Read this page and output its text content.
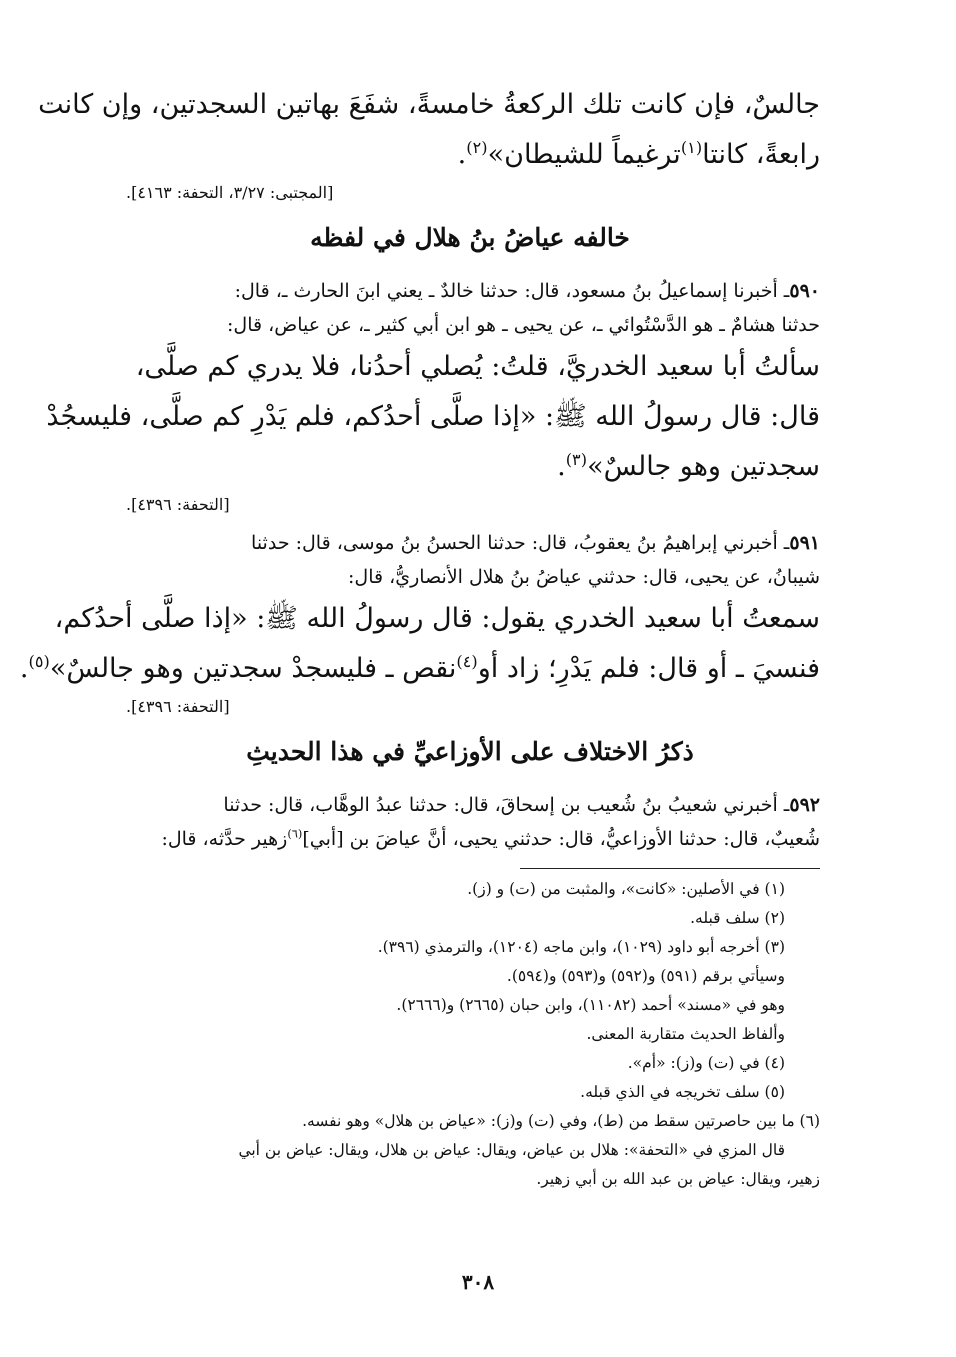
جالسٌ، فإن كانت تلك الركعةُ خامسةً، شفَعَ بهاتين السجدتين، وإن كانت
رابعةً، كانتا$^{(١)}$ترغيماً للشيطان»$^{(٢)}$.
[المجتبى: ٣/٢٧، التحفة: ٤١٦٣].
خالفه عياضُ بنُ هلال في لفظه
٥٩٠ـ أخبرنا إسماعيلُ بنُ مسعود، قال: حدثنا خالدٌ ـ يعني ابنَ الحارث ـ، قال:
حدثنا هشامٌ ـ هو الدَّسْتُوائي ـ، عن يحيى ـ هو ابن أبي كثير ـ، عن عياض، قال:
سألتُ أبا سعيد الخدريَّ، قلتُ: يُصلي أحدُنا، فلا يدري كم صلَّى،
قال: قال رسولُ الله ﷺ: «إذا صلَّى أحدُكم، فلم يَدْرِ كم صلَّى، فليسجُدْ
سجدتين وهو جالسٌ»$^{(٣)}$.
[التحفة: ٤٣٩٦].
٥٩١ـ أخبرني إبراهيمُ بنُ يعقوبُ، قال: حدثنا الحسنُ بنُ موسى، قال: حدثنا
شيبانُ، عن يحيى، قال: حدثني عياضُ بنُ هلال الأنصاريُّ، قال:
سمعتُ أبا سعيد الخدري يقول: قال رسولُ الله ﷺ: «إذا صلَّى أحدُكم،
فنسيَ ـ أو قال: فلم يَدْرِ؛ زاد أو$^{(٤)}$نقص ـ فليسجدْ سجدتين وهو جالسٌ»$^{(٥)}$.
[التحفة: ٤٣٩٦].
ذكرُ الاختلاف على الأوزاعيِّ في هذا الحديثِ
٥٩٢ـ أخبرني شعيبُ بنُ شُعيب بن إسحاقَ، قال: حدثنا عبدُ الوهَّاب، قال: حدثنا
شُعيبٌ، قال: حدثنا الأوزاعيُّ، قال: حدثني يحيى، أنَّ عياضَ بن [أبي]$^{(٦)}$زهير حدَّثه، قال:
(١) في الأصلين: «كانت»، والمثبت من (ت) و (ز).
(٢) سلف قبله.
(٣) أخرجه أبو داود (١٠٢٩)، وابن ماجه (١٢٠٤)، والترمذي (٣٩٦).
وسيأتي برقم (٥٩١) و(٥٩٢) و(٥٩٣) و(٥٩٤).
وهو في «مسند» أحمد (١١٠٨٢)، وابن حبان (٢٦٦٥) و(٢٦٦٦).
وألفاظ الحديث متقاربة المعنى.
(٤) في (ت) و(ز): «أم».
(٥) سلف تخريجه في الذي قبله.
(٦) ما بين حاصرتين سقط من (ط)، وفي (ت) و(ز): «عياض بن هلال» وهو نفسه.
قال المزي في «التحفة»: هلال بن عياض، ويقال: عياض بن هلال، ويقال: عياض بن أبي
زهير، ويقال: عياض بن عبد الله بن أبي زهير.
٣٠٨
